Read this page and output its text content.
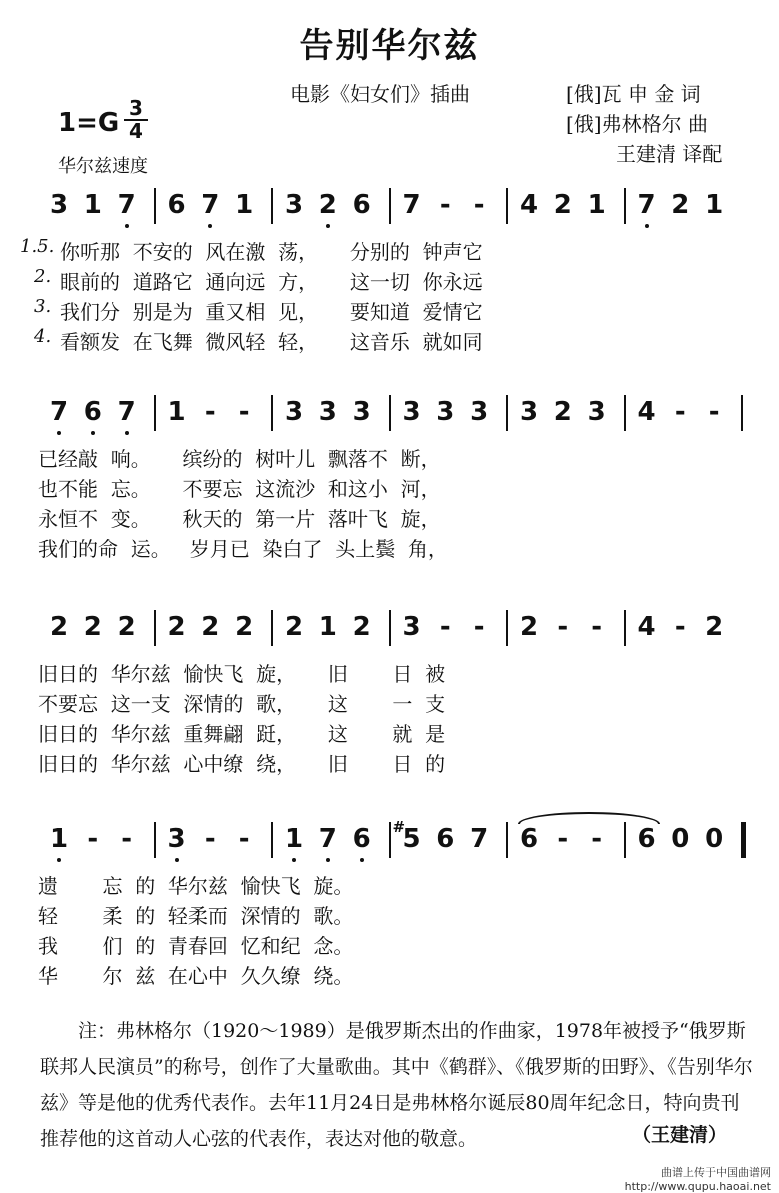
告别华尔兹
电影《妇女们》插曲	[俄]瓦 申 金 词
[俄]弗林格尔 曲
王建清 译配
1=G 3
4
华尔兹速度
3 1 7 6 7 1 3 2 6 7 - - 4 2 1 7 2 1
1.5. 你听那  不安的  风在激  荡，     分别的  钟声它
2. 眼前的  道路它  通向远  方，     这一切  你永远
3. 我们分  别是为  重又相  见，     要知道  爱情它
4. 看额发  在飞舞  微风轻  轻，     这音乐  就如同
7 6 7 1 - - 3 3 3 3 3 3 3 2 3 4 - -
已经敲  响。     缤纷的  树叶儿  飘落不  断，
也不能  忘。     不要忘  这流沙  和这小  河，
永恒不  变。     秋天的  第一片  落叶飞  旋，
我们的命  运。   岁月已  染白了  头上鬓  角，
2 2 2 2 2 2 2 1 2 3 - - 2 - - 4 - 2
旧日的  华尔兹  愉快飞  旋，     旧       日  被
不要忘  这一支  深情的  歌，     这       一  支
旧日的  华尔兹  重舞翩  跹，     这       就  是
旧日的  华尔兹  心中缭  绕，     旧       日  的
1 - - 3 - - 1 7 6 5
# 6 7 6 - - 6 0 0
遗       忘  的  华尔兹  愉快飞  旋。
轻       柔  的  轻柔而  深情的  歌。
我       们  的  青春回  忆和纪  念。
华       尔  兹  在心中  久久缭  绕。
注：弗林格尔（1920～1989）是俄罗斯杰出的作曲家，1978年被授予“俄罗斯联邦人民演员”的称号，创作了大量歌曲。其中《鹤群》、《俄罗斯的田野》、《告别华尔兹》等是他的优秀代表作。去年11月24日是弗林格尔诞辰80周年纪念日，特向贵刊推荐他的这首动人心弦的代表作，表达对他的敬意。	（王建清）
曲谱上传于中国曲谱网
http://www.qupu.haoai.net
